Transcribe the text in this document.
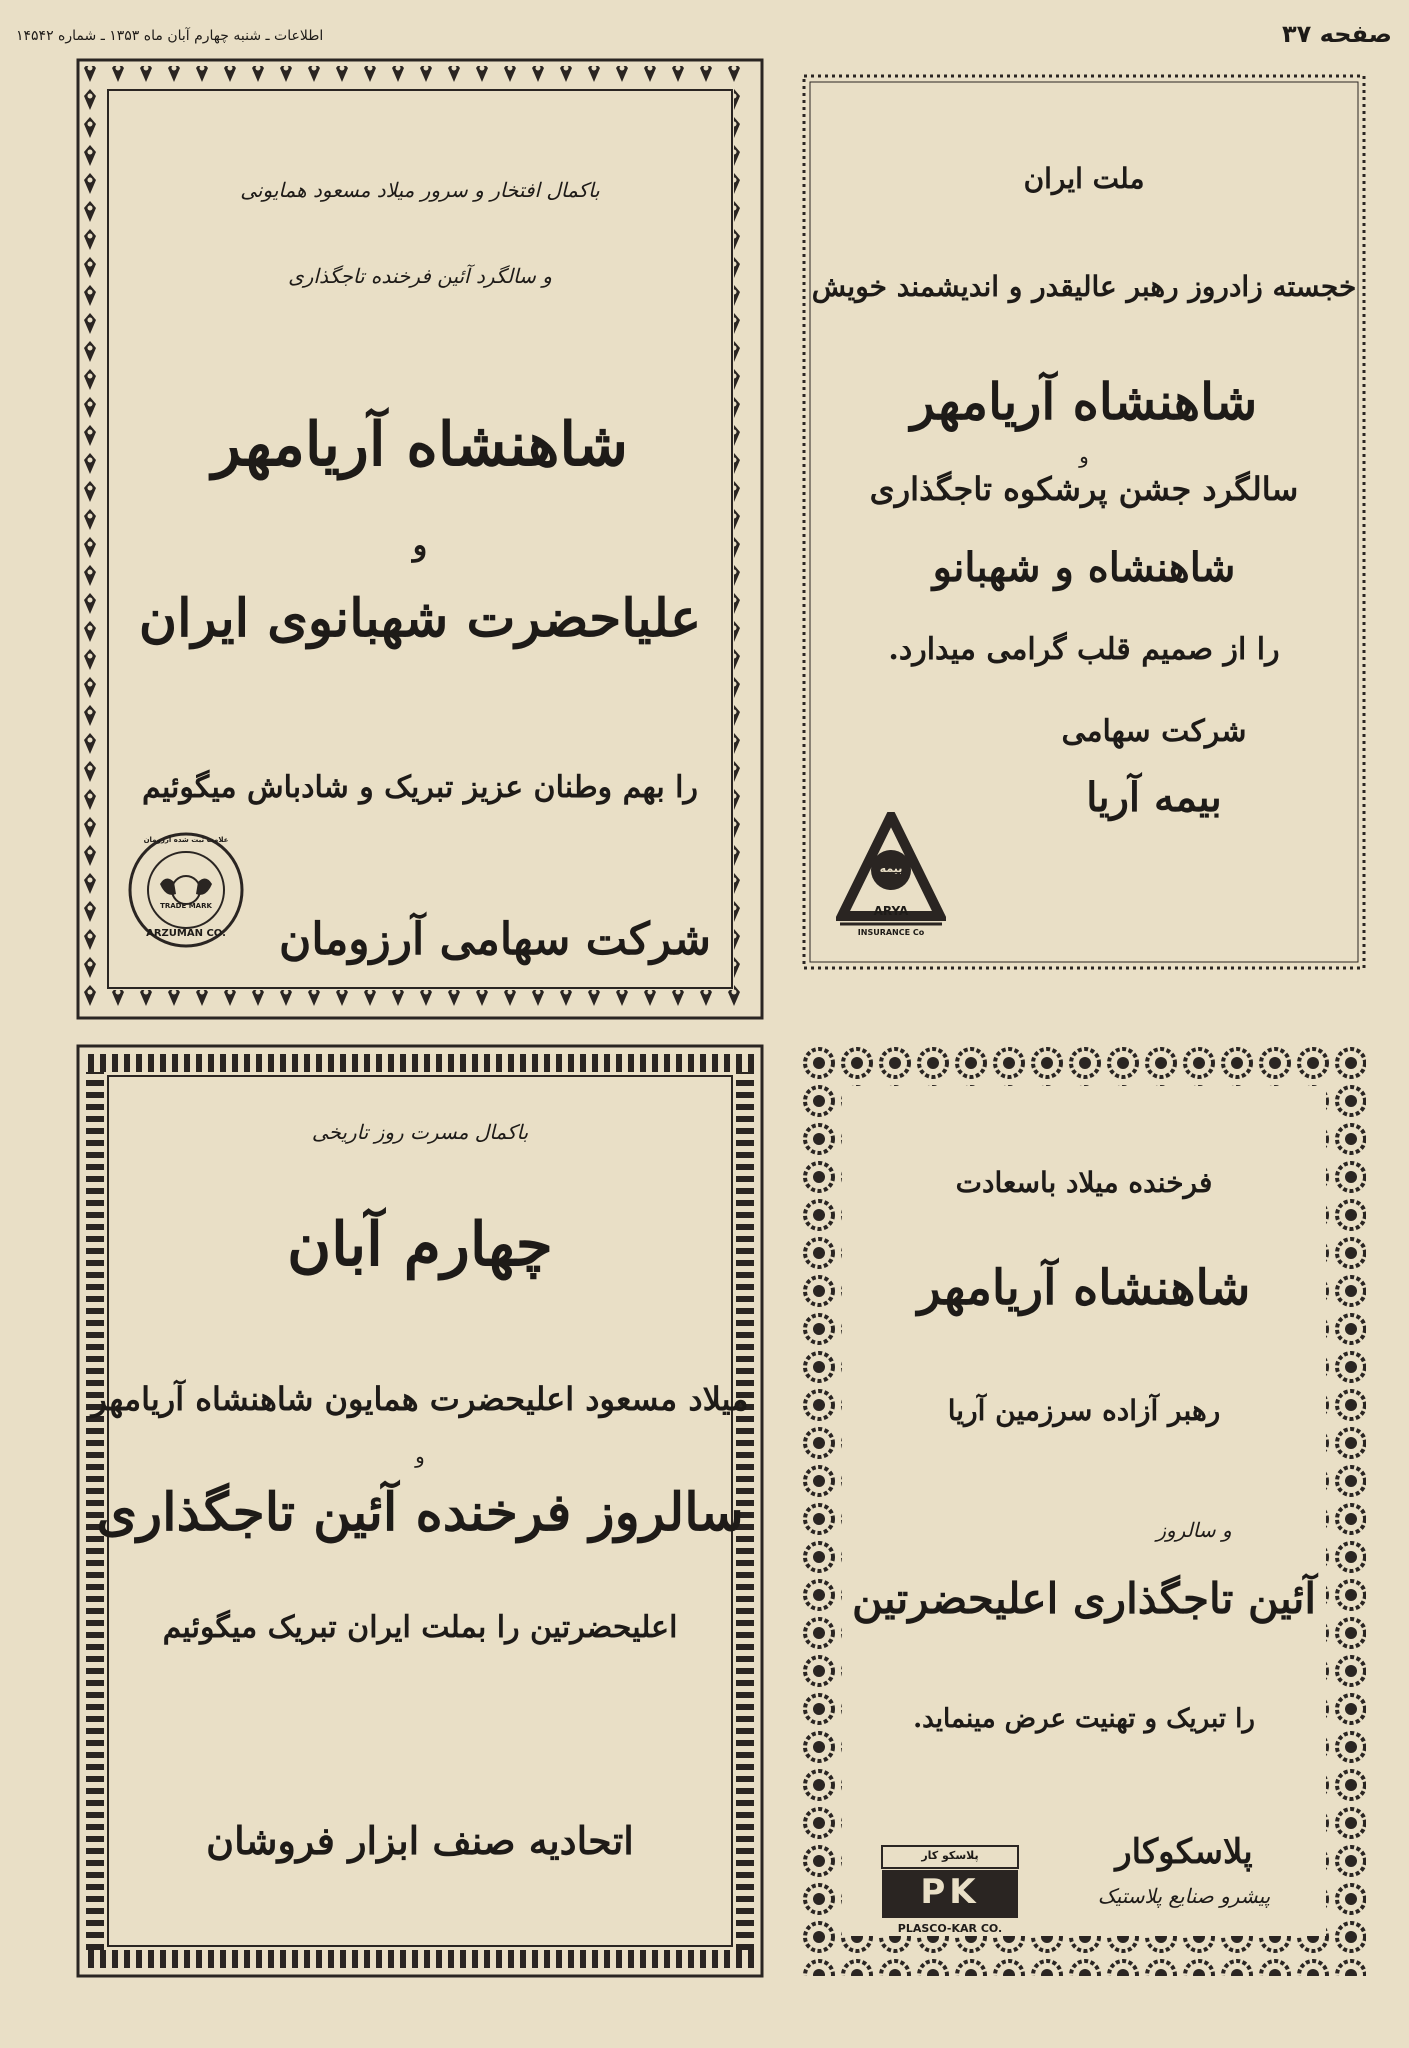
صفحه ۳۷
اطلاعات ـ شنبه چهارم آبان ماه ۱۳۵۳ ـ شماره ۱۴۵۴۲
باکمال افتخار و سرور میلاد مسعود همایونی
و سالگرد آئین فرخنده تاجگذاری
شاهنشاه آریامهر
و
علیاحضرت شهبانوی ایران
را بهم وطنان عزیز تبریک و شادباش میگوئیم
شرکت سهامی آرزومان
علامت ثبت شده آرزومان
TRADE MARK
ARZUMAN CO.
ملت ایران
خجسته زادروز رهبر عالیقدر و اندیشمند خویش
شاهنشاه آریامهر
و
سالگرد جشن پرشکوه تاجگذاری
شاهنشاه و شهبانو
را از صمیم قلب گرامی میدارد.
شرکت سهامی
بیمه آریا
بیمه
ARYA
INSURANCE Co
باکمال مسرت روز تاریخی
چهارم آبان
میلاد مسعود اعلیحضرت همایون شاهنشاه آریامهر
و
سالروز فرخنده آئین تاجگذاری
اعلیحضرتین را بملت ایران تبریک میگوئیم
اتحادیه صنف ابزار فروشان
فرخنده میلاد باسعادت
شاهنشاه آریامهر
رهبر آزاده سرزمین آریا
و سالروز
آئین تاجگذاری اعلیحضرتین
را تبریک و تهنیت عرض مینماید.
پلاسکوکار
پیشرو صنایع پلاستیک
پلاسکو کار
PK
PLASCO-KAR CO.
